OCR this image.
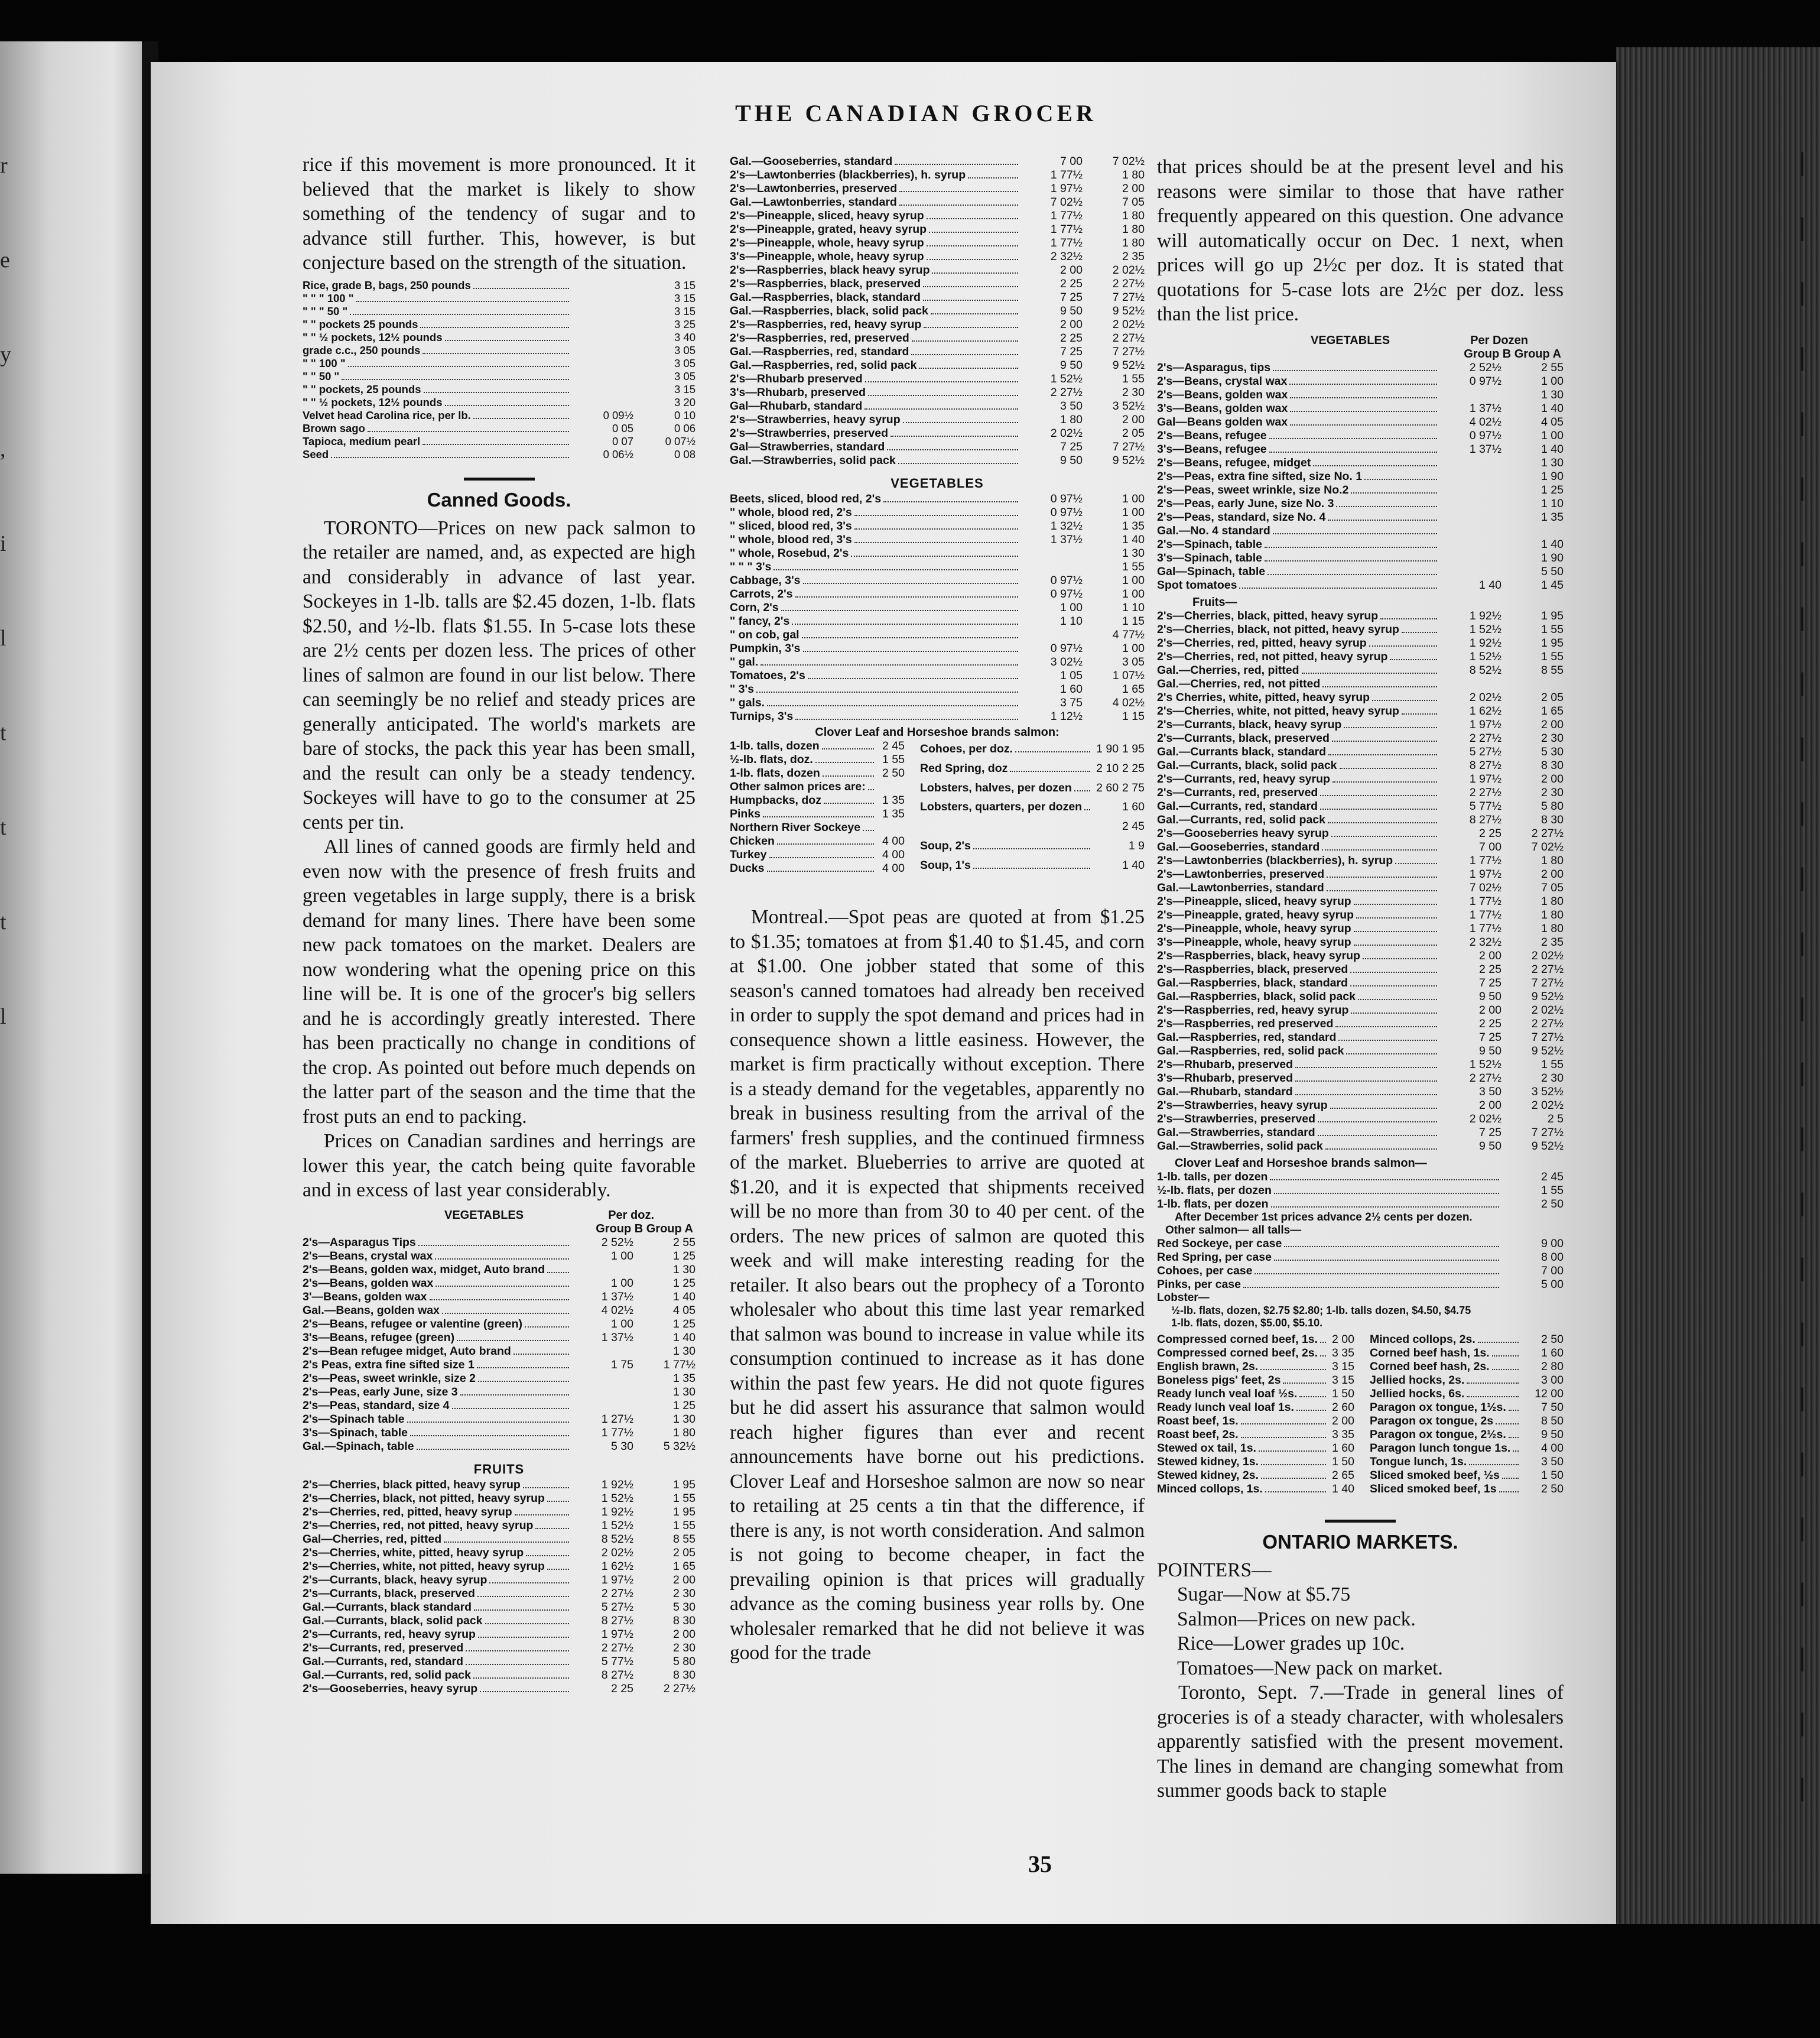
r
e
y
,
i
l
t
t
t
l
|
|
|
|
|
|
|
|
|
|
|
|
|
|
|
|
|
|
|
|
|
|
|
|
|
|
THE CANADIAN GROCER

rice if this movement is more pronounced. It it believed that the market is likely to show something of the tendency of sugar and to advance still further. This, however, is but conjecture based on the strength of the situation.

Rice, grade B, bags, 250 pounds		3 15

" " " 100 "		3 15

" " " 50 "		3 15

" " pockets 25 pounds		3 25

" " ½ pockets, 12½ pounds		3 40

grade c.c., 250 pounds		3 05

" " 100 "		3 05

" " 50 "		3 05

" " pockets, 25 pounds		3 15

" " ½ pockets, 12½ pounds		3 20

Velvet head Carolina rice, per lb.	0 09½	0 10

Brown sago	0 05	0 06

Tapioca, medium pearl	0 07	0 07½

Seed	0 06½	0 08
Canned Goods.

TORONTO—Prices on new pack salmon to the retailer are named, and, as expected are high and considerably in advance of last year. Sockeyes in 1-lb. talls are $2.45 dozen, 1-lb. flats $2.50, and ½-lb. flats $1.55. In 5-case lots these are 2½ cents per dozen less. The prices of other lines of salmon are found in our list below. There can seemingly be no relief and steady prices are generally anticipated. The world's markets are bare of stocks, the pack this year has been small, and the result can only be a steady tendency. Sockeyes will have to go to the consumer at 25 cents per tin.

All lines of canned goods are firmly held and even now with the presence of fresh fruits and green vegetables in large supply, there is a brisk demand for many lines. There have been some new pack tomatoes on the market. Dealers are now wondering what the opening price on this line will be. It is one of the grocer's big sellers and he is accordingly greatly interested. There has been practically no change in conditions of the crop. As pointed out before much depends on the latter part of the season and the time that the frost puts an end to packing.

Prices on Canadian sardines and herrings are lower this year, the catch being quite favorable and in excess of last year considerably.

VEGETABLES	Per doz.
Group B Group A
2's—Asparagus Tips	2 52½	2 55

2's—Beans, crystal wax	1 00	1 25

2's—Beans, golden wax, midget, Auto brand		1 30

2's—Beans, golden wax	1 00	1 25

3'—Beans, golden wax	1 37½	1 40

Gal.—Beans, golden wax	4 02½	4 05

2's—Beans, refugee or valentine (green)	1 00	1 25

3's—Beans, refugee (green)	1 37½	1 40

2's—Bean refugee midget, Auto brand		1 30

2's Peas, extra fine sifted size 1	1 75	1 77½

2's—Peas, sweet wrinkle, size 2		1 35

2's—Peas, early June, size 3		1 30

2's—Peas, standard, size 4		1 25

2's—Spinach table	1 27½	1 30

3's—Spinach, table	1 77½	1 80

Gal.—Spinach, table	5 30	5 32½
FRUITS
2's—Cherries, black pitted, heavy syrup	1 92½	1 95

2's—Cherries, black, not pitted, heavy syrup	1 52½	1 55

2's—Cherries, red, pitted, heavy syrup	1 92½	1 95

2's—Cherries, red, not pitted, heavy syrup	1 52½	1 55

Gal—Cherries, red, pitted	8 52½	8 55

2's—Cherries, white, pitted, heavy syrup	2 02½	2 05

2's—Cherries, white, not pitted, heavy syrup	1 62½	1 65

2's—Currants, black, heavy syrup	1 97½	2 00

2's—Currants, black, preserved	2 27½	2 30

Gal.—Currants, black standard	5 27½	5 30

Gal.—Currants, black, solid pack	8 27½	8 30

2's—Currants, red, heavy syrup	1 97½	2 00

2's—Currants, red, preserved	2 27½	2 30

Gal.—Currants, red, standard	5 77½	5 80

Gal.—Currants, red, solid pack	8 27½	8 30

2's—Gooseberries, heavy syrup	2 25	2 27½
Gal.—Gooseberries, standard	7 00	7 02½

2's—Lawtonberries (blackberries), h. syrup	1 77½	1 80

2's—Lawtonberries, preserved	1 97½	2 00

Gal.—Lawtonberries, standard	7 02½	7 05

2's—Pineapple, sliced, heavy syrup	1 77½	1 80

2's—Pineapple, grated, heavy syrup	1 77½	1 80

2's—Pineapple, whole, heavy syrup	1 77½	1 80

3's—Pineapple, whole, heavy syrup	2 32½	2 35

2's—Raspberries, black heavy syrup	2 00	2 02½

2's—Raspberries, black, preserved	2 25	2 27½

Gal.—Raspberries, black, standard	7 25	7 27½

Gal.—Raspberries, black, solid pack	9 50	9 52½

2's—Raspberries, red, heavy syrup	2 00	2 02½

2's—Raspberries, red, preserved	2 25	2 27½

Gal.—Raspberries, red, standard	7 25	7 27½

Gal.—Raspberries, red, solid pack	9 50	9 52½

2's—Rhubarb preserved	1 52½	1 55

3's—Rhubarb, preserved	2 27½	2 30

Gal—Rhubarb, standard	3 50	3 52½

2's—Strawberries, heavy syrup	1 80	2 00

2's—Strawberries, preserved	2 02½	2 05

Gal—Strawberries, standard	7 25	7 27½

Gal.—Strawberries, solid pack	9 50	9 52½
VEGETABLES
Beets, sliced, blood red, 2's	0 97½	1 00

" whole, blood red, 2's	0 97½	1 00

" sliced, blood red, 3's	1 32½	1 35

" whole, blood red, 3's	1 37½	1 40

" whole, Rosebud, 2's		1 30

" " " 3's		1 55

Cabbage, 3's	0 97½	1 00

Carrots, 2's	0 97½	1 00

Corn, 2's	1 00	1 10

" fancy, 2's	1 10	1 15

" on cob, gal		4 77½

Pumpkin, 3's	0 97½	1 00

" gal.	3 02½	3 05

Tomatoes, 2's	1 05	1 07½

" 3's	1 60	1 65

" gals.	3 75	4 02½

Turnips, 3's	1 12½	1 15
Clover Leaf and Horseshoe brands salmon:
1-lb. talls, dozen	2 45

½-lb. flats, doz.	1 55

1-lb. flats, dozen	2 50

Other salmon prices are:	

Humpbacks, doz	1 35

Pinks	1 35

Northern River Sockeye	

Chicken	4 00

Turkey	4 00

Ducks	4 00
Cohoes, per doz.	1 90	1 95

Red Spring, doz	2 10	2 25

Lobsters, halves, per dozen	2 60	2 75

Lobsters, quarters, per dozen		1 60

		2 45

Soup, 2's		1 9

Soup, 1's		1 40

Montreal.—Spot peas are quoted at from $1.25 to $1.35; tomatoes at from $1.40 to $1.45, and corn at $1.00. One jobber stated that some of this season's canned tomatoes had already ben received in order to supply the spot demand and prices had in consequence shown a little easiness. However, the market is firm practically without exception. There is a steady demand for the vegetables, apparently no break in business resulting from the arrival of the farmers' fresh supplies, and the continued firmness of the market. Blueberries to arrive are quoted at $1.20, and it is expected that shipments received will be no more than from 30 to 40 per cent. of the orders. The new prices of salmon are quoted this week and will make interesting reading for the retailer. It also bears out the prophecy of a Toronto wholesaler who about this time last year remarked that salmon was bound to increase in value while its consumption continued to increase as it has done within the past few years. He did not quote figures but he did assert his assurance that salmon would reach higher figures than ever and recent announcements have borne out his predictions. Clover Leaf and Horseshoe salmon are now so near to retailing at 25 cents a tin that the difference, if there is any, is not worth consideration. And salmon is not going to become cheaper, in fact the prevailing opinion is that prices will gradually advance as the coming business year rolls by. One wholesaler remarked that he did not believe it was good for the trade

that prices should be at the present level and his reasons were similar to those that have rather frequently appeared on this question. One advance will automatically occur on Dec. 1 next, when prices will go up 2½c per doz. It is stated that quotations for 5-case lots are 2½c per doz. less than the list price.

VEGETABLES	Per Dozen
Group B Group A
2's—Asparagus, tips	2 52½	2 55

2's—Beans, crystal wax	0 97½	1 00

2's—Beans, golden wax		1 30

3's—Beans, golden wax	1 37½	1 40

Gal—Beans golden wax	4 02½	4 05

2's—Beans, refugee	0 97½	1 00

3's—Beans, refugee	1 37½	1 40

2's—Beans, refugee, midget		1 30

2's—Peas, extra fine sifted, size No. 1		1 90

2's—Peas, sweet wrinkle, size No.2		1 25

2's—Peas, early June, size No. 3		1 10

2's—Peas, standard, size No. 4		1 35

Gal.—No. 4 standard		

2's—Spinach, table		1 40

3's—Spinach, table		1 90

Gal—Spinach, table		5 50

Spot tomatoes	1 40	1 45
Fruits—
2's—Cherries, black, pitted, heavy syrup	1 92½	1 95

2's—Cherries, black, not pitted, heavy syrup	1 52½	1 55

2's—Cherries, red, pitted, heavy syrup	1 92½	1 95

2's—Cherries, red, not pitted, heavy syrup	1 52½	1 55

Gal.—Cherries, red, pitted	8 52½	8 55

Gal.—Cherries, red, not pitted		

2's Cherries, white, pitted, heavy syrup	2 02½	2 05

2's—Cherries, white, not pitted, heavy syrup	1 62½	1 65

2's—Currants, black, heavy syrup	1 97½	2 00

2's—Currants, black, preserved	2 27½	2 30

Gal.—Currants black, standard	5 27½	5 30

Gal.—Currants, black, solid pack	8 27½	8 30

2's—Currants, red, heavy syrup	1 97½	2 00

2's—Currants, red, preserved	2 27½	2 30

Gal.—Currants, red, standard	5 77½	5 80

Gal.—Currants, red, solid pack	8 27½	8 30

2's—Gooseberries heavy syrup	2 25	2 27½

Gal.—Gooseberries, standard	7 00	7 02½

2's—Lawtonberries (blackberries), h. syrup	1 77½	1 80

2's—Lawtonberries, preserved	1 97½	2 00

Gal.—Lawtonberries, standard	7 02½	7 05

2's—Pineapple, sliced, heavy syrup	1 77½	1 80

2's—Pineapple, grated, heavy syrup	1 77½	1 80

2's—Pineapple, whole, heavy syrup	1 77½	1 80

3's—Pineapple, whole, heavy syrup	2 32½	2 35

2's—Raspberries, black, heavy syrup	2 00	2 02½

2's—Raspberries, black, preserved	2 25	2 27½

Gal.—Raspberries, black, standard	7 25	7 27½

Gal.—Raspberries, black, solid pack	9 50	9 52½

2's—Raspberries, red, heavy syrup	2 00	2 02½

2's—Raspberries, red preserved	2 25	2 27½

Gal.—Raspberries, red, standard	7 25	7 27½

Gal.—Raspberries, red, solid pack	9 50	9 52½

2's—Rhubarb, preserved	1 52½	1 55

3's—Rhubarb, preserved	2 27½	2 30

Gal.—Rhubarb, standard	3 50	3 52½

2's—Strawberries, heavy syrup	2 00	2 02½

2's—Strawberries, preserved	2 02½	2 5

Gal.—Strawberries, standard	7 25	7 27½

Gal.—Strawberries, solid pack	9 50	9 52½
Clover Leaf and Horseshoe brands salmon—
1-lb. talls, per dozen	2 45

½-lb. flats, per dozen	1 55

1-lb. flats, per dozen	2 50
After December 1st prices advance 2½ cents per dozen.
Other salmon— all talls—
Red Sockeye, per case	9 00

Red Spring, per case	8 00

Cohoes, per case	7 00

Pinks, per case	5 00
Lobster—
½-lb. flats, dozen, $2.75 $2.80; 1-lb. talls dozen, $4.50, $4.75
1-lb. flats, dozen, $5.00, $5.10.
Compressed corned beef, 1s.	2 00

Compressed corned beef, 2s.	3 35

English brawn, 2s.	3 15

Boneless pigs' feet, 2s	3 15

Ready lunch veal loaf ½s.	1 50

Ready lunch veal loaf 1s.	2 60

Roast beef, 1s.	2 00

Roast beef, 2s.	3 35

Stewed ox tail, 1s.	1 60

Stewed kidney, 1s.	1 50

Stewed kidney, 2s.	2 65

Minced collops, 1s.	1 40
Minced collops, 2s.	2 50

Corned beef hash, 1s.	1 60

Corned beef hash, 2s.	2 80

Jellied hocks, 2s.	3 00

Jellied hocks, 6s.	12 00

Paragon ox tongue, 1½s.	7 50

Paragon ox tongue, 2s	8 50

Paragon ox tongue, 2½s.	9 50

Paragon lunch tongue 1s.	4 00

Tongue lunch, 1s.	3 50

Sliced smoked beef, ½s	1 50

Sliced smoked beef, 1s	2 50
ONTARIO MARKETS.
POINTERS—
Sugar—Now at $5.75
Salmon—Prices on new pack.
Rice—Lower grades up 10c.
Tomatoes—New pack on market.

Toronto, Sept. 7.—Trade in general lines of groceries is of a steady character, with wholesalers apparently satisfied with the present movement. The lines in demand are changing somewhat from summer goods back to staple

35
